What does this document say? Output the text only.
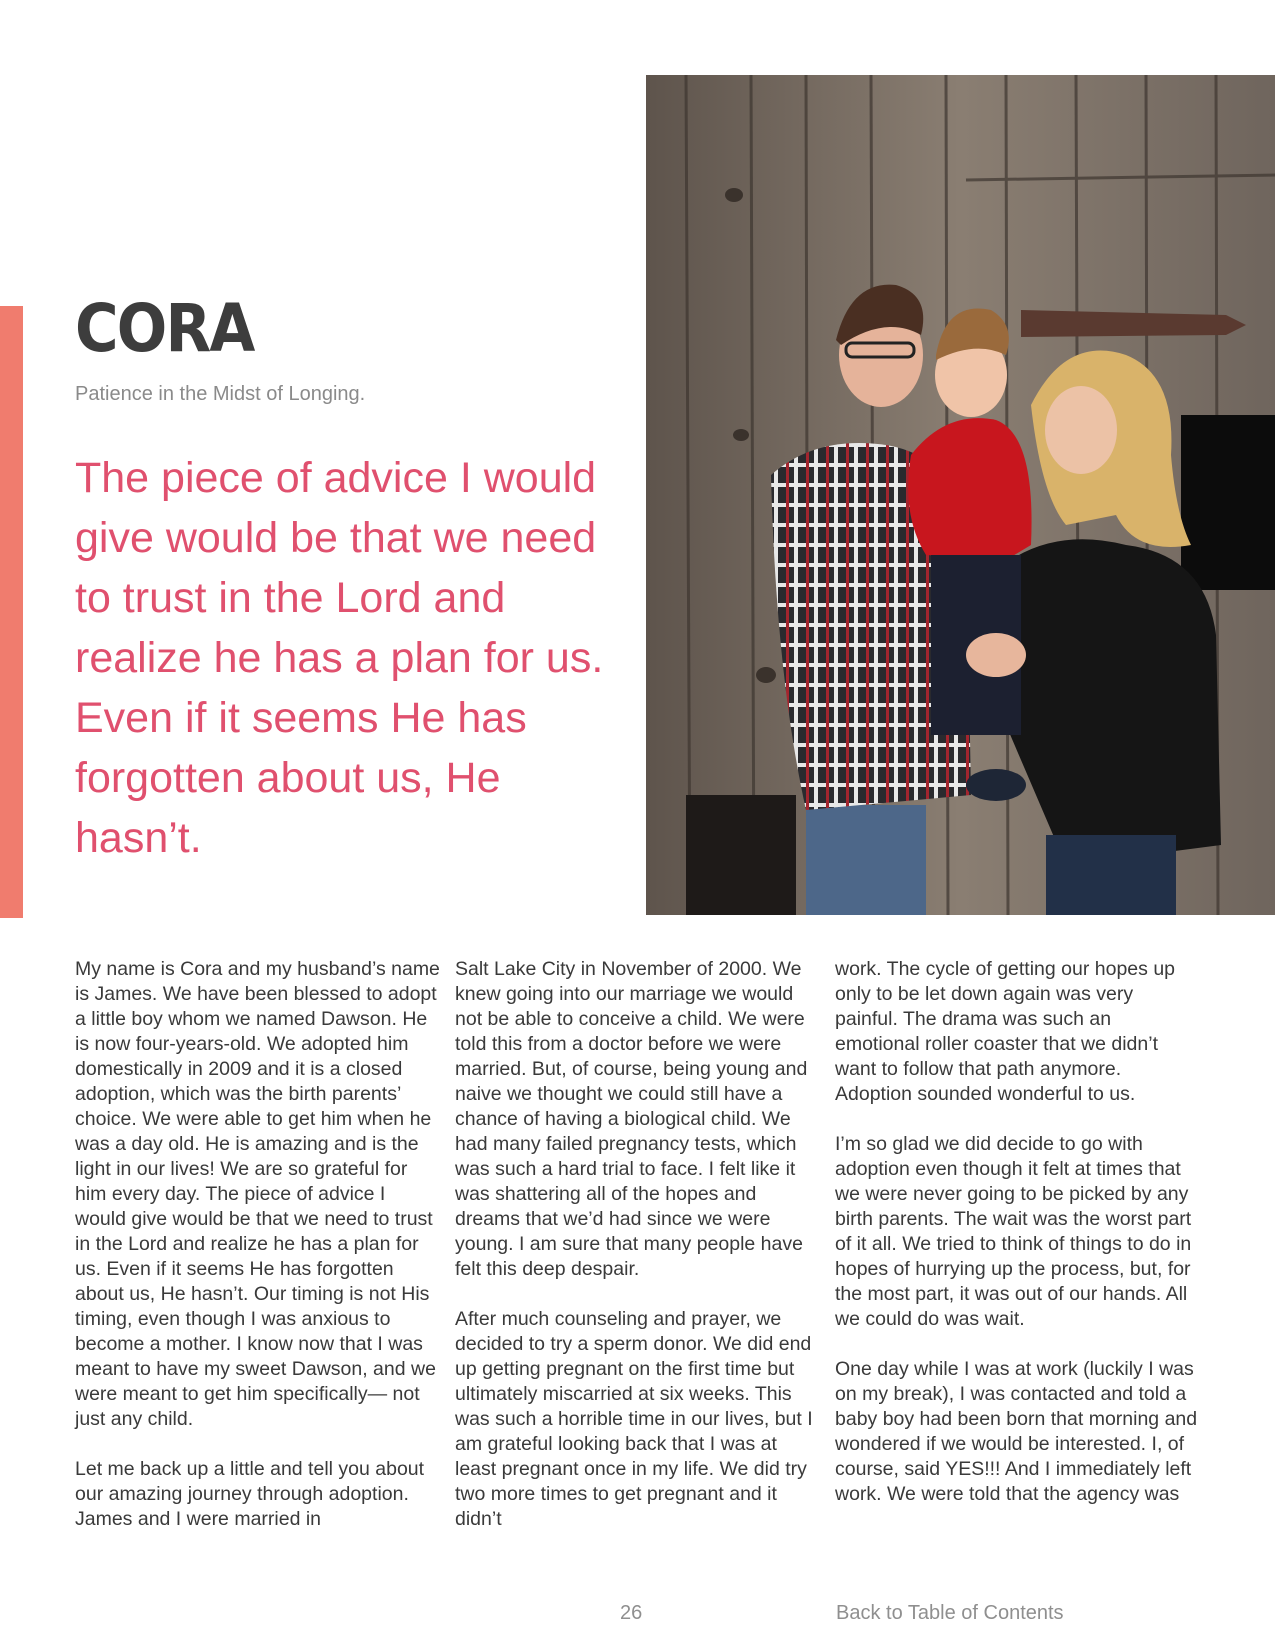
CORA
Patience in the Midst of Longing.
The piece of advice I would give would be that we need to trust in the Lord and realize he has a plan for us. Even if it seems He has forgotten about us, He hasn’t.

My name is Cora and my husband’s name is James. We have been blessed to adopt a little boy whom we named Dawson. He is now four-years-old. We adopted him domestically in 2009 and it is a closed adoption, which was the birth parents’ choice. We were able to get him when he was a day old. He is amazing and is the light in our lives! We are so grateful for him every day. The piece of advice I would give would be that we need to trust in the Lord and realize he has a plan for us. Even if it seems He has forgotten about us, He hasn’t. Our timing is not His timing, even though I was anxious to become a mother. I know now that I was meant to have my sweet Dawson, and we were meant to get him specifically— not just any child.

Let me back up a little and tell you about our amazing journey through adoption. James and I were married in

Salt Lake City in November of 2000. We knew going into our marriage we would not be able to conceive a child. We were told this from a doctor before we were married. But, of course, being young and naive we thought we could still have a chance of having a biological child. We had many failed pregnancy tests, which was such a hard trial to face. I felt like it was shattering all of the hopes and dreams that we’d had since we were young. I am sure that many people have felt this deep despair.

After much counseling and prayer, we decided to try a sperm donor. We did end up getting pregnant on the first time but ultimately miscarried at six weeks. This was such a horrible time in our lives, but I am grateful looking back that I was at least pregnant once in my life. We did try two more times to get pregnant and it didn’t

work. The cycle of getting our hopes up only to be let down again was very painful. The drama was such an emotional roller coaster that we didn’t want to follow that path anymore. Adoption sounded wonderful to us.

I’m so glad we did decide to go with adoption even though it felt at times that we were never going to be picked by any birth parents. The wait was the worst part of it all. We tried to think of things to do in hopes of hurrying up the process, but, for the most part, it was out of our hands. All we could do was wait.

One day while I was at work (luckily I was on my break), I was contacted and told a baby boy had been born that morning and wondered if we would be interested. I, of course, said YES!!! And I immediately left work. We were told that the agency was

26	Back to Table of Contents
